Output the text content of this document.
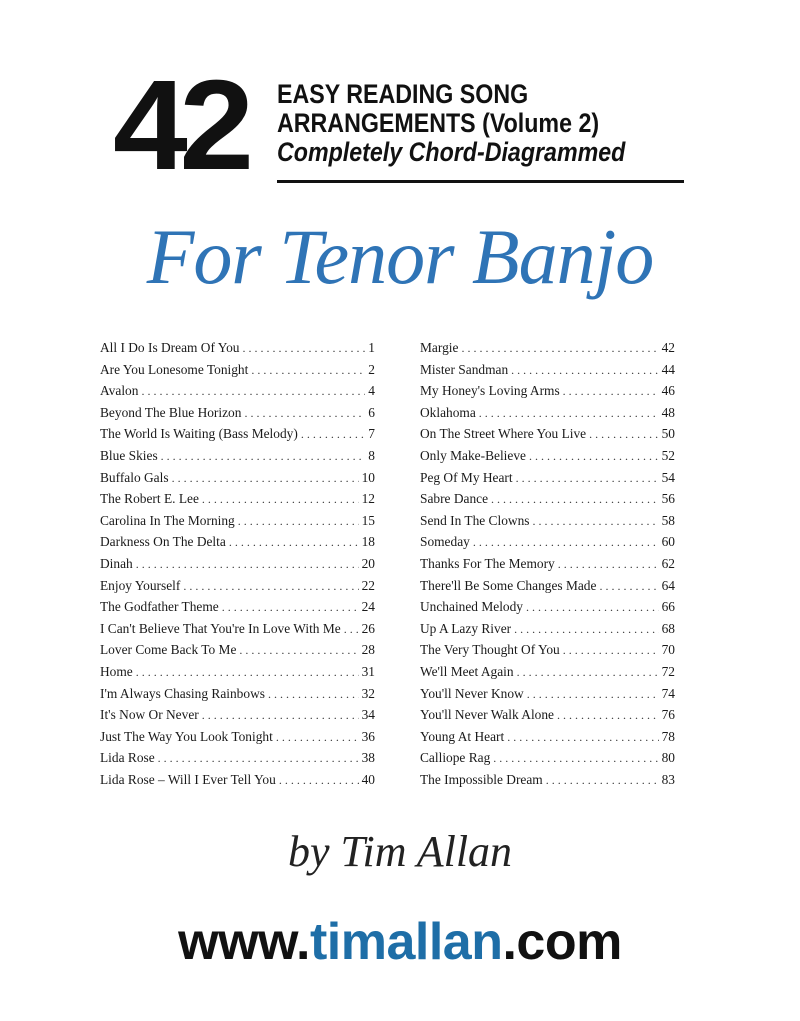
42 EASY READING SONG
ARRANGEMENTS (Volume 2)
Completely Chord-Diagrammed
For Tenor Banjo
All I Do Is Dream Of You . . .	1
Are You Lonesome Tonight . . .	2
Avalon . . .	4
Beyond The Blue Horizon . . .	6
The World Is Waiting (Bass Melody) . . .	7
Blue Skies . . .	8
Buffalo Gals . . .	10
The Robert E. Lee . . .	12
Carolina In The Morning . . .	15
Darkness On The Delta . . .	18
Dinah . . .	20
Enjoy Yourself . . .	22
The Godfather Theme . . .	24
I Can't Believe That You're In Love With Me . . . 26
Lover Come Back To Me . . .	28
Home . . .	31
I'm Always Chasing Rainbows . . .	32
It's Now Or Never . . .	34
Just The Way You Look Tonight . . .	36
Lida Rose . . .	38
Lida Rose – Will I Ever Tell You . . .	40
Margie . . .	42
Mister Sandman . . .	44
My Honey's Loving Arms . . .	46
Oklahoma . . .	48
On The Street Where You Live . . .	50
Only Make-Believe . . .	52
Peg Of My Heart . . .	54
Sabre Dance . . .	56
Send In The Clowns . . .	58
Someday . . .	60
Thanks For The Memory . . .	62
There'll Be Some Changes Made . . .	64
Unchained Melody . . .	66
Up A Lazy River . . .	68
The Very Thought Of You . . .	70
We'll Meet Again . . .	72
You'll Never Know . . .	74
You'll Never Walk Alone . . .	76
Young At Heart . . .	78
Calliope Rag . . .	80
The Impossible Dream . . .	83
by Tim Allan
www.timallan.com
